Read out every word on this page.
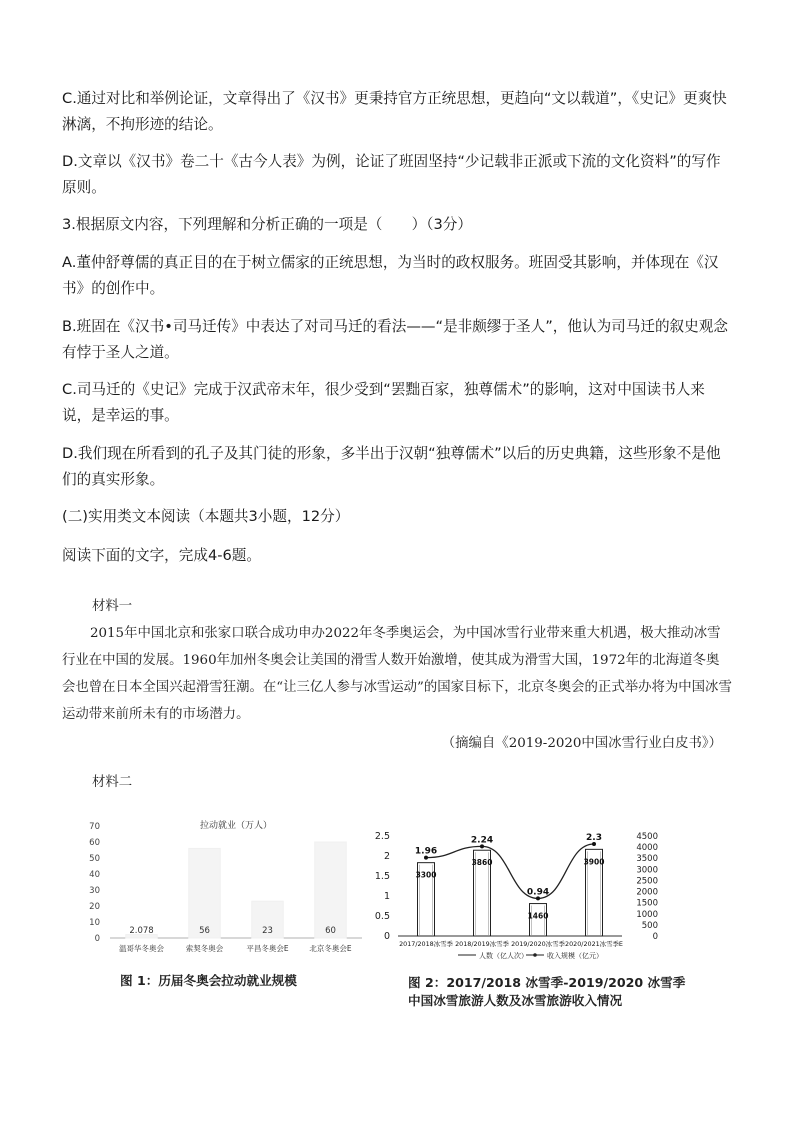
C.通过对比和举例论证，文章得出了《汉书》更秉持官方正统思想，更趋向“文以载道”，《史记》更爽快淋漓，不拘形迹的结论。

D.文章以《汉书》卷二十《古今人表》为例，论证了班固坚持“少记载非正派或下流的文化资料”的写作原则。

3.根据原文内容，下列理解和分析正确的一项是（　　）（3分）

A.董仲舒尊儒的真正目的在于树立儒家的正统思想，为当时的政权服务。班固受其影响，并体现在《汉书》的创作中。

B.班固在《汉书•司马迁传》中表达了对司马迁的看法——“是非颇缪于圣人”，他认为司马迁的叙史观念有悖于圣人之道。

C.司马迁的《史记》完成于汉武帝末年，很少受到“罢黜百家，独尊儒术”的影响，这对中国读书人来说，是幸运的事。

D.我们现在所看到的孔子及其门徒的形象，多半出于汉朝“独尊儒术”以后的历史典籍，这些形象不是他们的真实形象。

(二)实用类文本阅读（本题共3小题，12分）

阅读下面的文字，完成4-6题。

材料一

2015年中国北京和张家口联合成功申办2022年冬季奥运会，为中国冰雪行业带来重大机遇，极大推动冰雪行业在中国的发展。1960年加州冬奥会让美国的滑雪人数开始激增，使其成为滑雪大国，1972年的北海道冬奥会也曾在日本全国兴起滑雪狂潮。在“让三亿人参与冰雪运动”的国家目标下，北京冬奥会的正式举办将为中国冰雪运动带来前所未有的市场潜力。

（摘编自《2019-2020中国冰雪行业白皮书》）

材料二

拉动就业（万人）
0
10
20
30
40
50
60
70
2.078	56	23	60
温哥华冬奥会	索契冬奥会	平昌冬奥会E	北京冬奥会E

图 1：历届冬奥会拉动就业规模

0
0.5
1
1.5
2
2.5
0
500
1000
1500
2000
2500
3000
3500
4000
4500
3300
1.96
3860
2.24
1460
0.94
3900
2.3
2017/2018冰雪季 2018/2019冰雪季 2019/2020冰雪季 2020/2021冰雪季E
人数（亿人次）	收入规模（亿元）

图 2：2017/2018 冰雪季-2019/2020 冰雪季

中国冰雪旅游人数及冰雪旅游收入情况
